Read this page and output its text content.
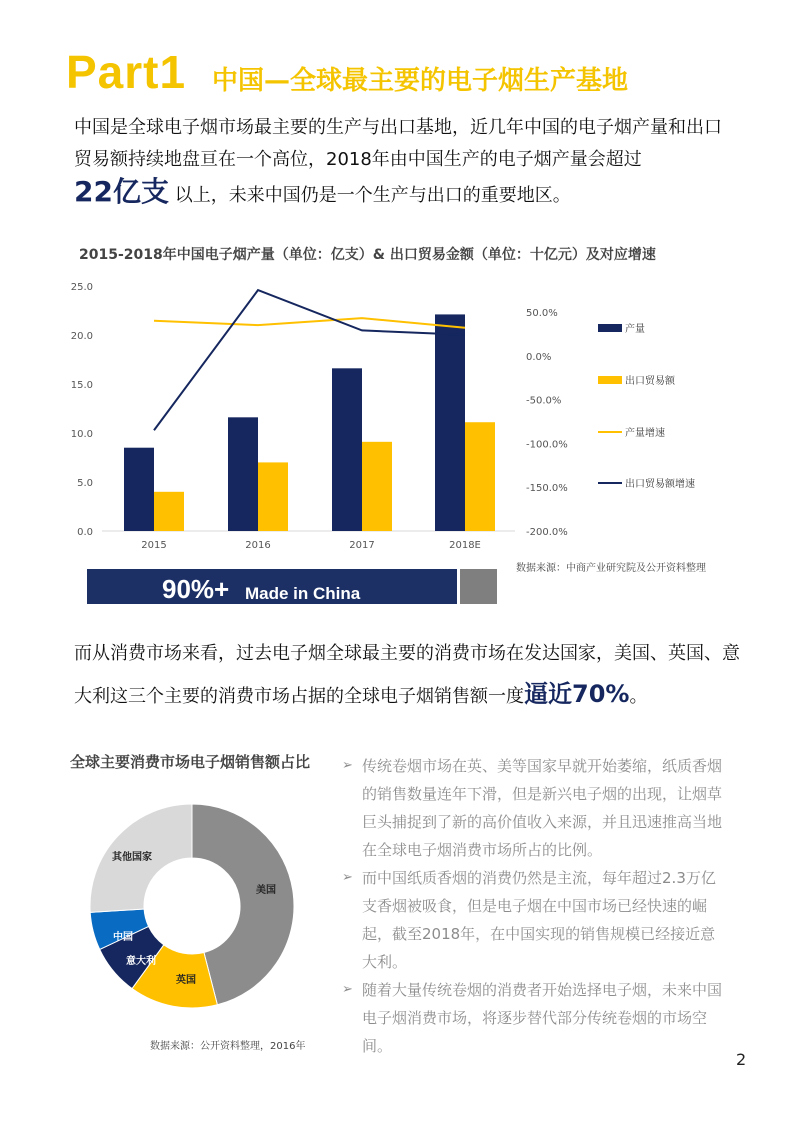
Part1 中国—全球最主要的电子烟生产基地
中国是全球电子烟市场最主要的生产与出口基地，近几年中国的电子烟产量和出口贸易额持续地盘亘在一个高位，2018年由中国生产的电子烟产量会超过
22亿支 以上，未来中国仍是一个生产与出口的重要地区。
2015-2018年中国电子烟产量（单位：亿支）& 出口贸易金额（单位：十亿元）及对应增速
0.0
5.0
10.0
15.0
20.0
25.0
-200.0%
-150.0%
-100.0%
-50.0%
0.0%
50.0%
2015	2016	2017	2018E
产量
出口贸易额
产量增速
出口贸易额增速
数据来源：中商产业研究院及公开资料整理
90%+ Made in China
而从消费市场来看，过去电子烟全球最主要的消费市场在发达国家，美国、英国、意大利这三个主要的消费市场占据的全球电子烟销售额一度逼近70%。
全球主要消费市场电子烟销售额占比
美国
英国
意大利
中国
其他国家
数据来源：公开资料整理，2016年
➢ 传统卷烟市场在英、美等国家早就开始萎缩，纸质香烟的销售数量连年下滑，但是新兴电子烟的出现，让烟草巨头捕捉到了新的高价值收入来源，并且迅速推高当地在全球电子烟消费市场所占的比例。
➢ 而中国纸质香烟的消费仍然是主流，每年超过2.3万亿支香烟被吸食，但是电子烟在中国市场已经快速的崛起，截至2018年，在中国实现的销售规模已经接近意大利。
➢ 随着大量传统卷烟的消费者开始选择电子烟，未来中国电子烟消费市场，将逐步替代部分传统卷烟的市场空间。
2
